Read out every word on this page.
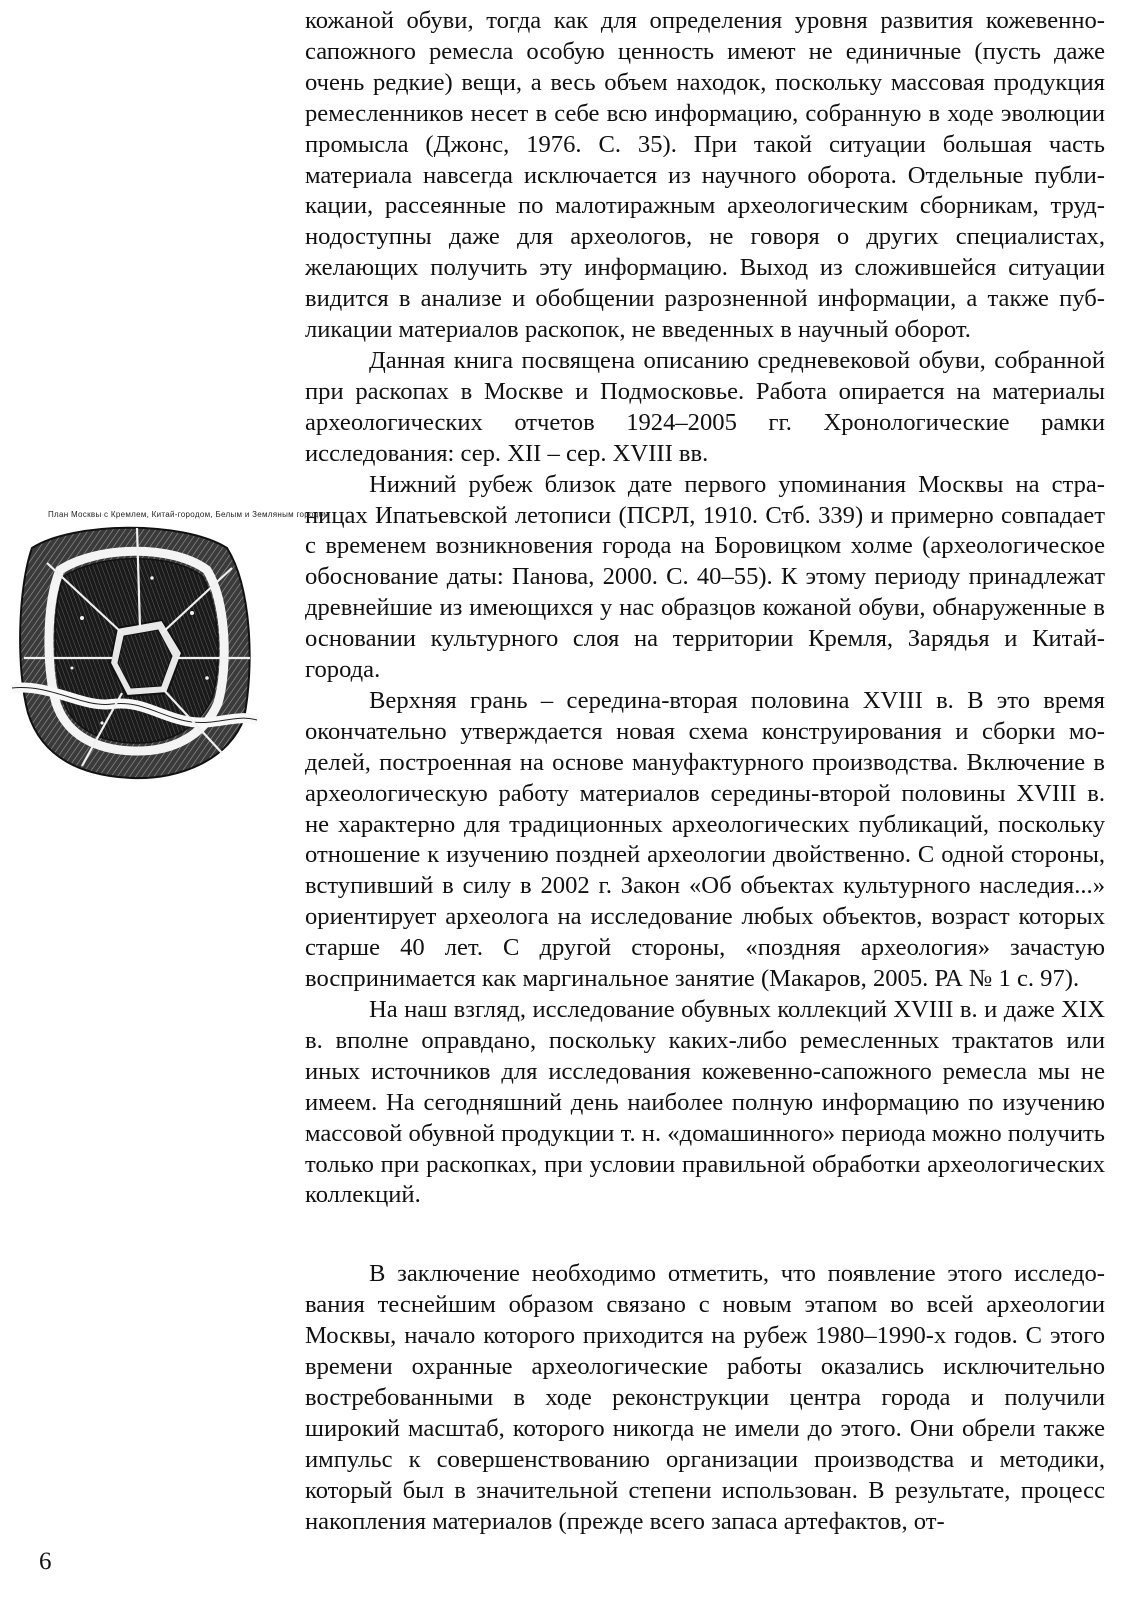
План Москвы с Кремлем, Китай-городом, Белым и Земляным городом

кожаной обуви, тогда как для определения уровня развития кожевенно-сапожного ремесла особую ценность имеют не единичные (пусть даже очень редкие) вещи, а весь объем находок, поскольку массовая продукция ремесленников несет в себе всю информацию, собранную в ходе эволюции промысла (Джонс, 1976. С. 35). При такой ситуации большая часть материала навсегда исключается из научного оборота. Отдельные публикации, рассеянные по малотиражным археологическим сборникам, труднодоступны даже для археологов, не говоря о других специалистах, желающих получить эту информацию. Выход из сложившейся ситуации видится в анализе и обобщении разрозненной информации, а также публикации материалов раскопок, не введенных в научный оборот.

Данная книга посвящена описанию средневековой обуви, собранной при раскопах в Москве и Подмосковье. Работа опирается на материалы археологических отчетов 1924–2005 гг. Хронологические рамки исследования: сер. XII – сер. XVIII вв.

Нижний рубеж близок дате первого упоминания Москвы на страницах Ипатьевской летописи (ПСРЛ, 1910. Стб. 339) и примерно совпадает с временем возникновения города на Боровицком холме (археологическое обоснование даты: Панова, 2000. С. 40–55). К этому периоду принадлежат древнейшие из имеющихся у нас образцов кожаной обуви, обнаруженные в основании культурного слоя на территории Кремля, Зарядья и Китай-города.

Верхняя грань – середина-вторая половина XVIII в. В это время окончательно утверждается новая схема конструирования и сборки моделей, построенная на основе мануфактурного производства. Включение в археологическую работу материалов середины-второй половины XVIII в. не характерно для традиционных археологических публикаций, поскольку отношение к изучению поздней археологии двойственно. С одной стороны, вступивший в силу в 2002 г. Закон «Об объектах культурного наследия...» ориентирует археолога на исследование любых объектов, возраст которых старше 40 лет. С другой стороны, «поздняя археология» зачастую воспринимается как маргинальное занятие (Макаров, 2005. РА № 1 с. 97).

На наш взгляд, исследование обувных коллекций XVIII в. и даже XIX в. вполне оправдано, поскольку каких-либо ремесленных трактатов или иных источников для исследования кожевенно-сапожного ремесла мы не имеем. На сегодняшний день наиболее полную информацию по изучению массовой обувной продукции т. н. «домашинного» периода можно получить только при раскопках, при условии правильной обработки археологических коллекций.

В заключение необходимо отметить, что появление этого исследования теснейшим образом связано с новым этапом во всей археологии Москвы, начало которого приходится на рубеж 1980–1990-х годов. С этого времени охранные археологические работы оказались исключительно востребованными в ходе реконструкции центра города и получили широкий масштаб, которого никогда не имели до этого. Они обрели также импульс к совершенствованию организации производства и методики, который был в значительной степени использован. В результате, процесс накопления материалов (прежде всего запаса артефактов, от-

6
